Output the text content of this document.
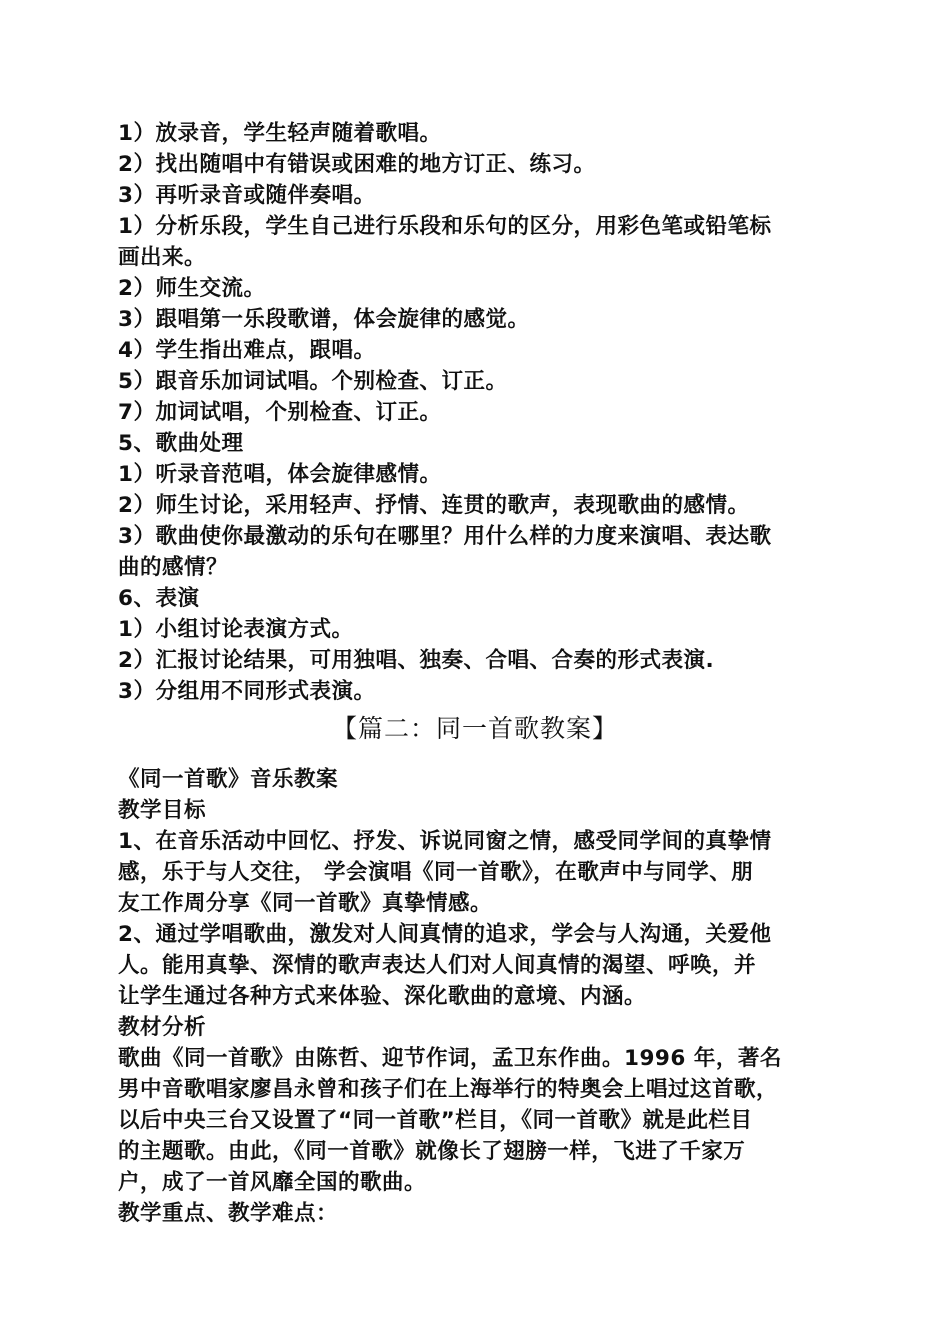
1）放录音，学生轻声随着歌唱。
2）找出随唱中有错误或困难的地方订正、练习。
3）再听录音或随伴奏唱。
1）分析乐段，学生自己进行乐段和乐句的区分，用彩色笔或铅笔标
画出来。
2）师生交流。
3）跟唱第一乐段歌谱，体会旋律的感觉。
4）学生指出难点，跟唱。
5）跟音乐加词试唱。个别检查、订正。
7）加词试唱，个别检查、订正。
5、歌曲处理
1）听录音范唱，体会旋律感情。
2）师生讨论，采用轻声、抒情、连贯的歌声，表现歌曲的感情。
3）歌曲使你最激动的乐句在哪里？用什么样的力度来演唱、表达歌
曲的感情？
6、表演
1）小组讨论表演方式。
2）汇报讨论结果，可用独唱、独奏、合唱、合奏的形式表演.
3）分组用不同形式表演。
【篇二：同一首歌教案】
《同一首歌》音乐教案
教学目标
1、在音乐活动中回忆、抒发、诉说同窗之情，感受同学间的真挚情
感，乐于与人交往， 学会演唱《同一首歌》，在歌声中与同学、朋
友工作周分享《同一首歌》真挚情感。
2、通过学唱歌曲，激发对人间真情的追求，学会与人沟通，关爱他
人。能用真挚、深情的歌声表达人们对人间真情的渴望、呼唤，并
让学生通过各种方式来体验、深化歌曲的意境、内涵。
教材分析
歌曲《同一首歌》由陈哲、迎节作词，孟卫东作曲。1996 年，著名
男中音歌唱家廖昌永曾和孩子们在上海举行的特奥会上唱过这首歌，
以后中央三台又设置了“同一首歌”栏目，《同一首歌》就是此栏目
的主题歌。由此，《同一首歌》就像长了翅膀一样，飞进了千家万
户，成了一首风靡全国的歌曲。
教学重点、教学难点：
